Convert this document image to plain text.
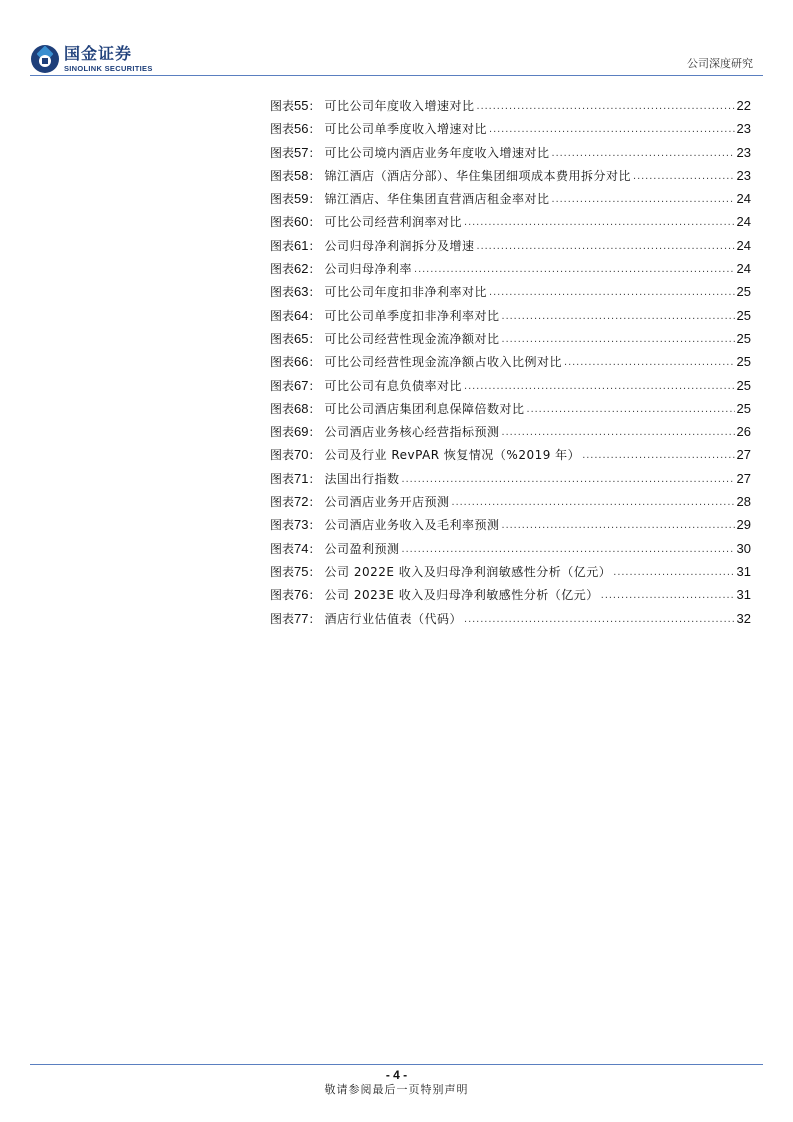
国金证券
SINOLINK SECURITIES	公司深度研究
图表55： 可比公司年度收入增速对比 .....	22
图表56： 可比公司单季度收入增速对比 .....	23
图表57： 可比公司境内酒店业务年度收入增速对比 .....	23
图表58： 锦江酒店（酒店分部）、华住集团细项成本费用拆分对比 .....	23
图表59： 锦江酒店、华住集团直营酒店租金率对比 .....	24
图表60： 可比公司经营利润率对比 .....	24
图表61： 公司归母净利润拆分及增速 .....	24
图表62： 公司归母净利率 .....	24
图表63： 可比公司年度扣非净利率对比 .....	25
图表64： 可比公司单季度扣非净利率对比 .....	25
图表65： 可比公司经营性现金流净额对比 .....	25
图表66： 可比公司经营性现金流净额占收入比例对比 .....	25
图表67： 可比公司有息负债率对比 .....	25
图表68： 可比公司酒店集团利息保障倍数对比 .....	25
图表69： 公司酒店业务核心经营指标预测 .....	26
图表70： 公司及行业 RevPAR 恢复情况（%2019 年） .....	27
图表71： 法国出行指数 .....	27
图表72： 公司酒店业务开店预测 .....	28
图表73： 公司酒店业务收入及毛利率预测 .....	29
图表74： 公司盈利预测 .....	30
图表75： 公司 2022E 收入及归母净利润敏感性分析（亿元） .....	31
图表76： 公司 2023E 收入及归母净利敏感性分析（亿元） .....	31
图表77： 酒店行业估值表（代码） .....	32
- 4 -
敬请参阅最后一页特别声明
